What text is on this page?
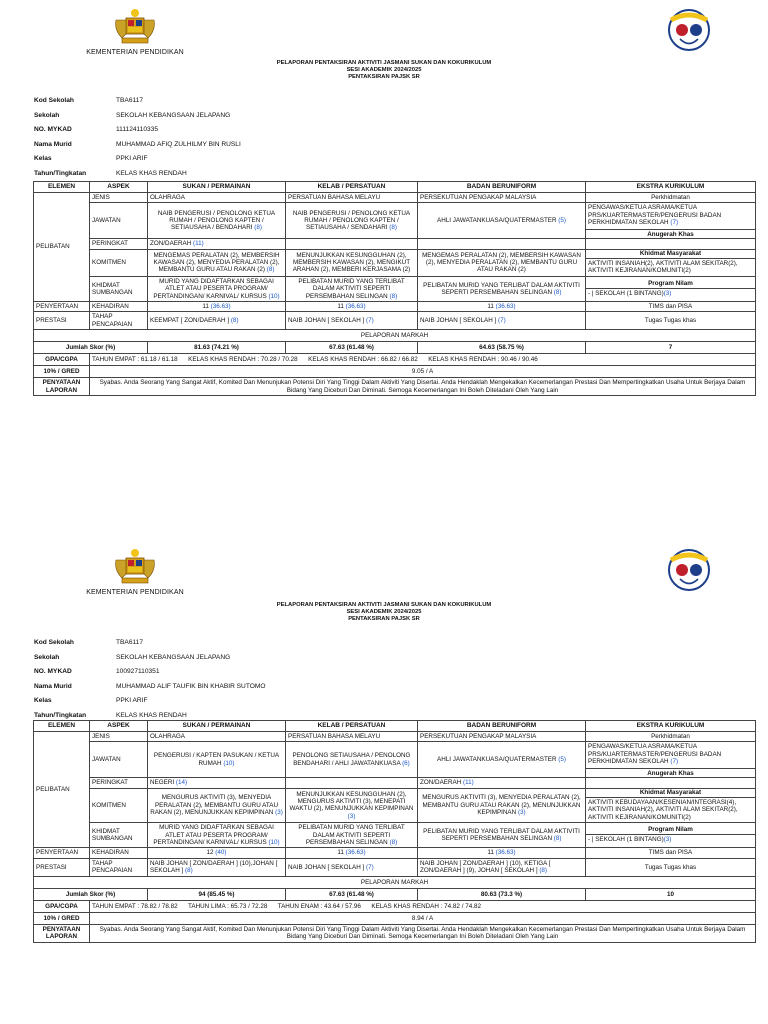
KEMENTERIAN PENDIDIKAN
PELAPORAN PENTAKSIRAN AKTIVITI JASMANI SUKAN DAN KOKURIKULUM
SESI AKADEMIK 2024/2025
PENTAKSIRAN PAJSK SR
Kod Sekolah	TBA6117
Sekolah	SEKOLAH KEBANGSAAN JELAPANG
NO. MYKAD	111124110335
Nama Murid	MUHAMMAD AFIQ ZULHILMY BIN RUSLI
Kelas	PPKI ARIF
Tahun/Tingkatan	KELAS KHAS RENDAH
ELEMEN	ASPEK	SUKAN / PERMAINAN	KELAB / PERSATUAN	BADAN BERUNIFORM	EKSTRA KURIKULUM
PELIBATAN	JENIS	OLAHRAGA	PERSATUAN BAHASA MELAYU	PERSEKUTUAN PENGAKAP MALAYSIA	Perkhidmatan
	JAWATAN	NAIB PENGERUSI / PENOLONG KETUA RUMAH / PENOLONG KAPTEN / SETIAUSAHA / BENDAHARI (8)	NAIB PENGERUSI / PENOLONG KETUA RUMAH / PENOLONG KAPTEN / SETIAUSAHA / SENDAHARI (8)	AHLI JAWATANKUASA/QUATERMASTER (5)	PENGAWAS/KETUA ASRAMA/KETUA PRS/KUARTERMASTER/PENGERUSI BADAN PERKHIDMATAN SEKOLAH (7)
Anugerah Khas

	PERINGKAT	ZON/DAERAH (11)			
	KOMITMEN	MENGEMAS PERALATAN (2), MEMBERSIH KAWASAN (2), MENYEDIA PERALATAN (2), MEMBANTU GURU ATAU RAKAN (2) (8)	MENUNJUKKAN KESUNGGUHAN (2), MEMBERSIH KAWASAN (2), MENGIKUT ARAHAN (2), MEMBERI KERJASAMA (2)	MENGEMAS PERALATAN (2), MEMBERSIH KAWASAN (2), MENYEDIA PERALATAN (2), MEMBANTU GURU ATAU RAKAN (2)	Khidmat Masyarakat
AKTIVITI INSANIAH(2), AKTIVITI ALAM SEKITAR(2), AKTIVITI KEJIRANAN/KOMUNITI(2)
	KHIDMAT SUMBANGAN	MURID YANG DIDAFTARKAN SEBAGAI ATLET ATAU PESERTA PROGRAM/ PERTANDINGAN/ KARNIVAL/ KURSUS (10)	PELIBATAN MURID YANG TERLIBAT DALAM AKTIVITI SEPERTI PERSEMBAHAN SELINGAN (8)	PELIBATAN MURID YANG TERLIBAT DALAM AKTIVITI SEPERTI PERSEMBAHAN SELINGAN (8)	Program Nilam
- | SEKOLAH (1 BINTANG)(3)
PENYERTAAN	KEHADIRAN	11 (36.63)	11 (36.63)	11 (36.63)	TIMS dan PISA
PRESTASI	TAHAP PENCAPAIAN	KEEMPAT [ ZON/DAERAH ] (8)	NAIB JOHAN [ SEKOLAH ] (7)	NAIB JOHAN [ SEKOLAH ] (7)	Tugas Tugas khas
PELAPORAN MARKAH					
Jumlah Skor (%)		81.63 (74.21 %)	67.63 (61.48 %)	64.63 (58.75 %)	7
GPA/CGPA	TAHUN EMPAT : 61.18 / 61.18      KELAS KHAS RENDAH : 70.28 / 70.28      KELAS KHAS RENDAH : 66.82 / 66.82      KELAS KHAS RENDAH : 90.46 / 90.46				
10% / GRED	9.05 / A				
PENYATAAN LAPORAN	Syabas. Anda Seorang Yang Sangat Aktif, Komited Dan Menunjukan Potensi Diri Yang Tinggi Dalam Aktiviti Yang Disertai. Anda Hendaklah Mengekalkan Kecemerlangan Prestasi Dan Mempertingkatkan Usaha Untuk Berjaya Dalam Bidang Yang Diceburi Dan Diminati. Semoga Kecemerlangan Ini Boleh Diteladani Oleh Yang Lain				
KEMENTERIAN PENDIDIKAN
PELAPORAN PENTAKSIRAN AKTIVITI JASMANI SUKAN DAN KOKURIKULUM
SESI AKADEMIK 2024/2025
PENTAKSIRAN PAJSK SR
Kod Sekolah	TBA6117
Sekolah	SEKOLAH KEBANGSAAN JELAPANG
NO. MYKAD	100927110351
Nama Murid	MUHAMMAD ALIF TAUFIK BIN KHABIR SUTOMO
Kelas	PPKI ARIF
Tahun/Tingkatan	KELAS KHAS RENDAH
ELEMEN	ASPEK	SUKAN / PERMAINAN	KELAB / PERSATUAN	BADAN BERUNIFORM	EKSTRA KURIKULUM
PELIBATAN	JENIS	OLAHRAGA	PERSATUAN BAHASA MELAYU	PERSEKUTUAN PENGAKAP MALAYSIA	Perkhidmatan
	JAWATAN	PENGERUSI / KAPTEN PASUKAN / KETUA RUMAH (10)	PENOLONG SETIAUSAHA / PENOLONG BENDAHARI / AHLI JAWATANKUASA (6)	AHLI JAWATANKUASA/QUATERMASTER (5)	PENGAWAS/KETUA ASRAMA/KETUA PRS/KUARTERMASTER/PENGERUSI BADAN PERKHIDMATAN SEKOLAH (7)
Anugerah Khas

	PERINGKAT	NEGERI (14)		ZON/DAERAH (11)	
	KOMITMEN	MENGURUS AKTIVITI (3), MENYEDIA PERALATAN (2), MEMBANTU GURU ATAU RAKAN (2), MENUNJUKKAN KEPIMPINAN (3)	MENUNJUKKAN KESUNGGUHAN (2), MENGURUS AKTIVITI (3), MENEPATI WAKTU (2), MENUNJUKKAN KEPIMPINAN (3)	MENGURUS AKTIVITI (3), MENYEDIA PERALATAN (2), MEMBANTU GURU ATAU RAKAN (2), MENUNJUKKAN KEPIMPINAN (3)	Khidmat Masyarakat
AKTIVITI KEBUDAYAAN/KESENIAN/INTEGRASI(4), AKTIVITI INSANIAH(2), AKTIVITI ALAM SEKITAR(2), AKTIVITI KEJIRANAN/KOMUNITI(2)
	KHIDMAT SUMBANGAN	MURID YANG DIDAFTARKAN SEBAGAI ATLET ATAU PESERTA PROGRAM/ PERTANDINGAN/ KARNIVAL/ KURSUS (10)	PELIBATAN MURID YANG TERLIBAT DALAM AKTIVITI SEPERTI PERSEMBAHAN SELINGAN (8)	PELIBATAN MURID YANG TERLIBAT DALAM AKTIVITI SEPERTI PERSEMBAHAN SELINGAN (8)	Program Nilam
- | SEKOLAH (1 BINTANG)(3)
PENYERTAAN	KEHADIRAN	12 (40)	11 (36.63)	11 (36.63)	TIMS dan PISA
PRESTASI	TAHAP PENCAPAIAN	NAIB JOHAN [ ZON/DAERAH ] (10),JOHAN [ SEKOLAH ] (8)	NAIB JOHAN [ SEKOLAH ] (7)	NAIB JOHAN [ ZON/DAERAH ] (10), KETIGA [ ZON/DAERAH ] (9), JOHAN [ SEKOLAH ] (8)	Tugas Tugas khas
PELAPORAN MARKAH					
Jumlah Skor (%)		94 (85.45 %)	67.63 (61.48 %)	80.63 (73.3 %)	10
GPA/CGPA	TAHUN EMPAT : 78.82 / 78.82      TAHUN LIMA : 65.73 / 72.28      TAHUN ENAM : 43.64 / 57.96      KELAS KHAS RENDAH : 74.82 / 74.82				
10% / GRED	8.94 / A				
PENYATAAN LAPORAN	Syabas. Anda Seorang Yang Sangat Aktif, Komited Dan Menunjukan Potensi Diri Yang Tinggi Dalam Aktiviti Yang Disertai. Anda Hendaklah Mengekalkan Kecemerlangan Prestasi Dan Mempertingkatkan Usaha Untuk Berjaya Dalam Bidang Yang Diceburi Dan Diminati. Semoga Kecemerlangan Ini Boleh Diteladani Oleh Yang Lain				
